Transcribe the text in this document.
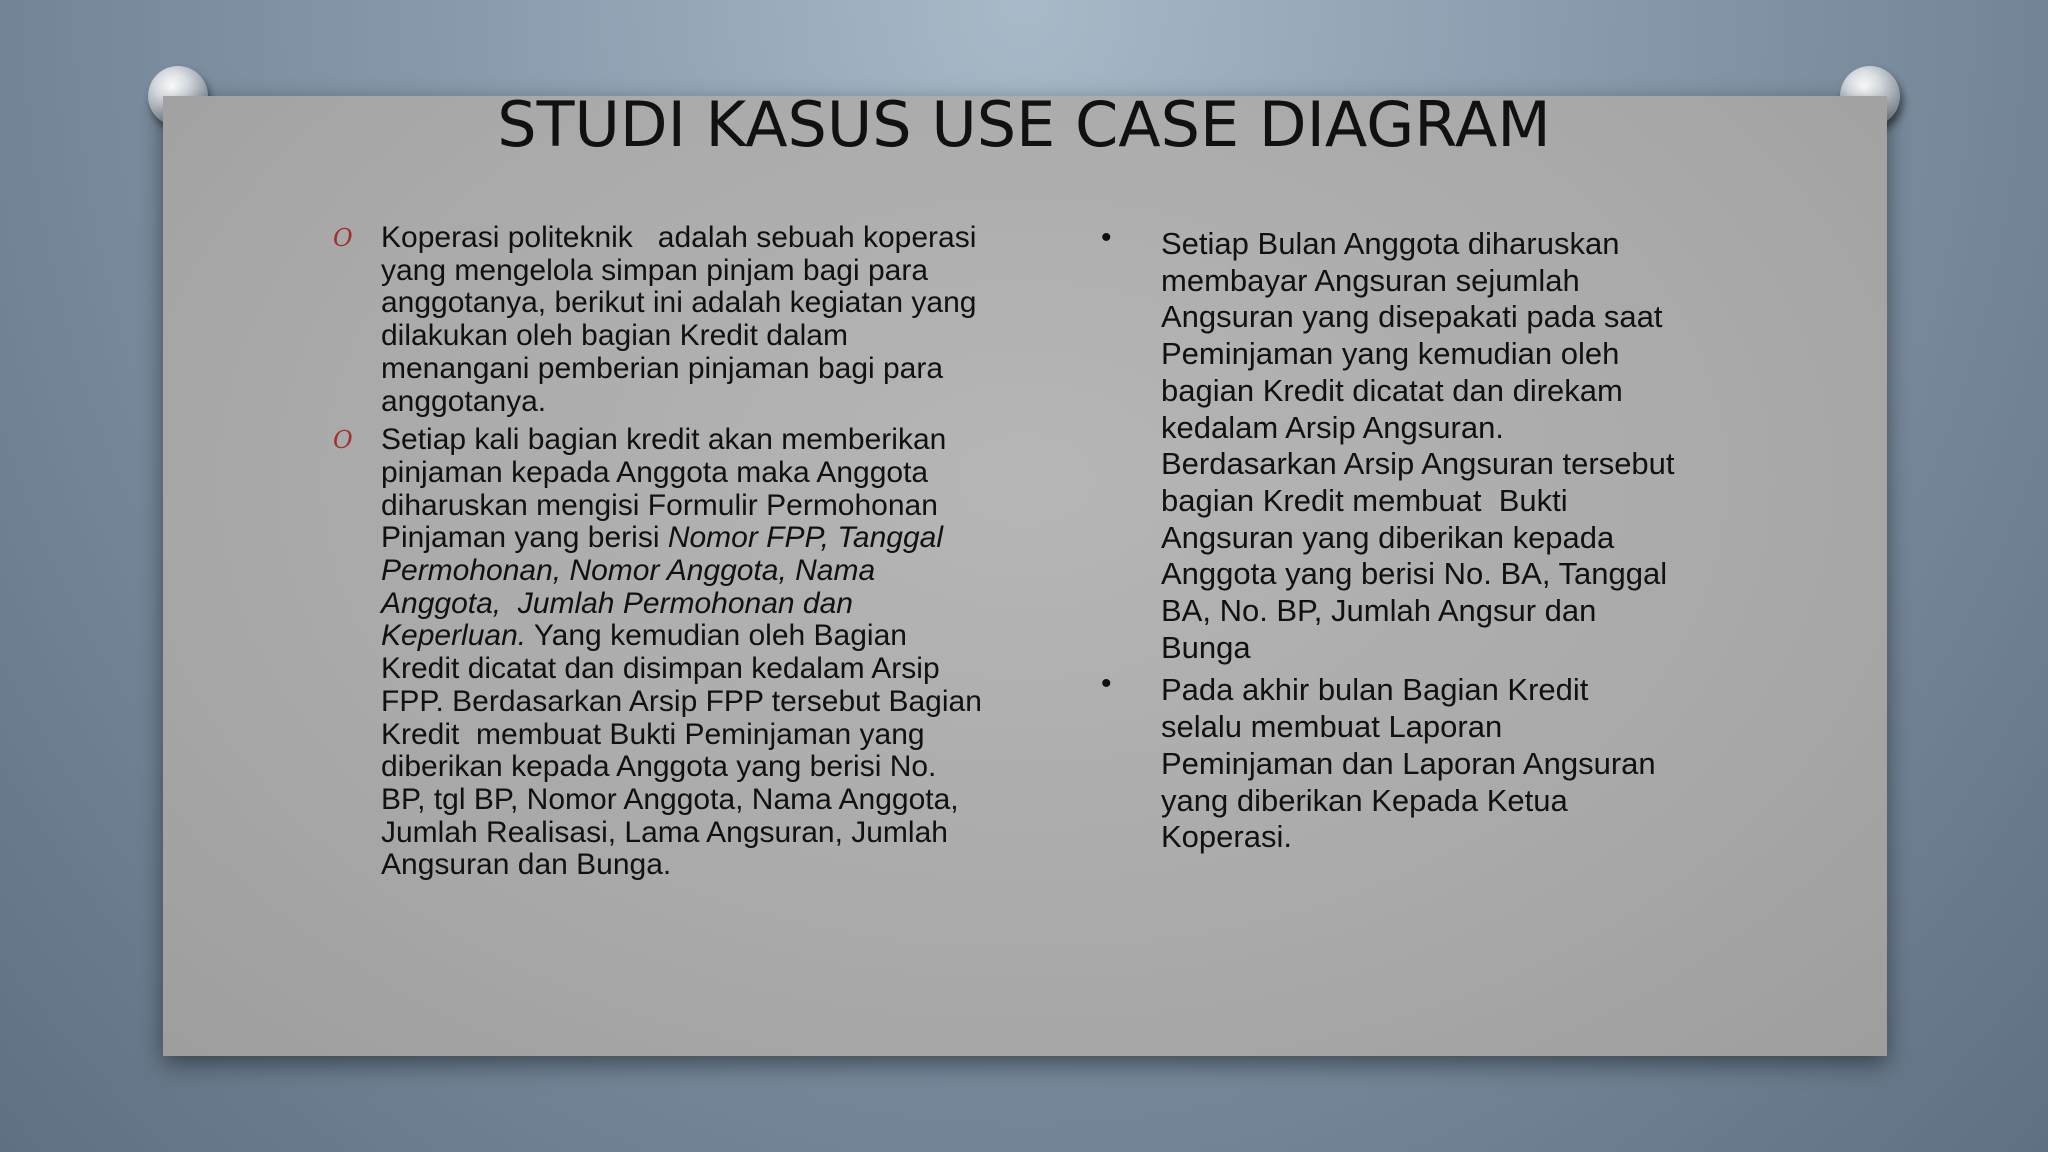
STUDI KASUS USE CASE DIAGRAM
O Koperasi politeknik   adalah sebuah koperasi
yang mengelola simpan pinjam bagi para
anggotanya, berikut ini adalah kegiatan yang
dilakukan oleh bagian Kredit dalam
menangani pemberian pinjaman bagi para
anggotanya.
O Setiap kali bagian kredit akan memberikan
pinjaman kepada Anggota maka Anggota
diharuskan mengisi Formulir Permohonan
Pinjaman yang berisi Nomor FPP, Tanggal
Permohonan, Nomor Anggota, Nama
Anggota,  Jumlah Permohonan dan
Keperluan. Yang kemudian oleh Bagian
Kredit dicatat dan disimpan kedalam Arsip
FPP. Berdasarkan Arsip FPP tersebut Bagian
Kredit  membuat Bukti Peminjaman yang
diberikan kepada Anggota yang berisi No.
BP, tgl BP, Nomor Anggota, Nama Anggota,
Jumlah Realisasi, Lama Angsuran, Jumlah
Angsuran dan Bunga.
• Setiap Bulan Anggota diharuskan
membayar Angsuran sejumlah
Angsuran yang disepakati pada saat
Peminjaman yang kemudian oleh
bagian Kredit dicatat dan direkam
kedalam Arsip Angsuran.
Berdasarkan Arsip Angsuran tersebut
bagian Kredit membuat  Bukti
Angsuran yang diberikan kepada
Anggota yang berisi No. BA, Tanggal
BA, No. BP, Jumlah Angsur dan
Bunga
• Pada akhir bulan Bagian Kredit
selalu membuat Laporan
Peminjaman dan Laporan Angsuran
yang diberikan Kepada Ketua
Koperasi.
